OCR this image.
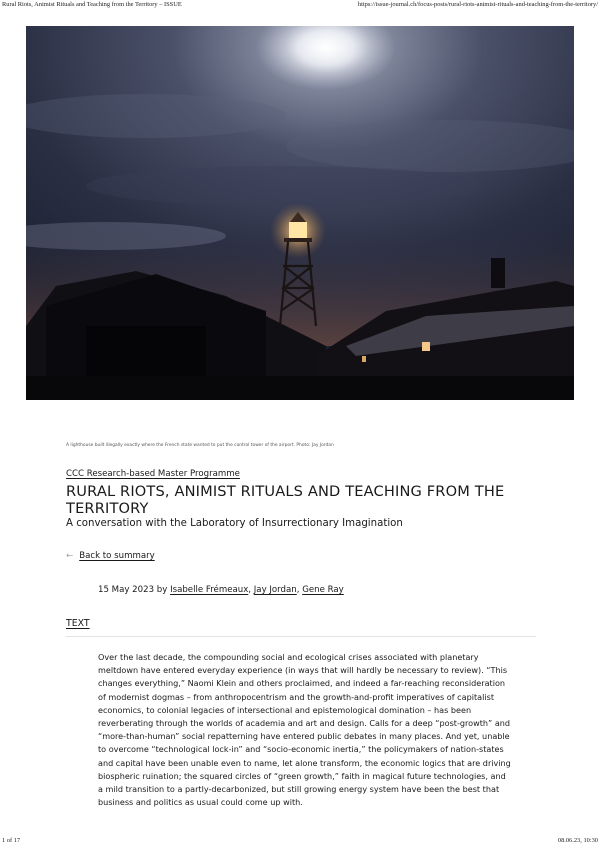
Rural Riots, Animist Rituals and Teaching from the Territory – ISSUE	https://issue-journal.ch/focus-posts/rural-riots-animist-rituals-and-teaching-from-the-territory/
A lighthouse built illegally exactly where the French state wanted to put the control tower of the airport. Photo: Jay Jordan
CCC Research-based Master Programme
RURAL RIOTS, ANIMIST RITUALS AND TEACHING FROM THE TERRITORY
A conversation with the Laboratory of Insurrectionary Imagination
← Back to summary
15 May 2023 by Isabelle Frémeaux, Jay Jordan, Gene Ray
TEXT
Over the last decade, the compounding social and ecological crises associated with planetary
meltdown have entered everyday experience (in ways that will hardly be necessary to review). “This
changes everything,” Naomi Klein and others proclaimed, and indeed a far-reaching reconsideration
of modernist dogmas – from anthropocentrism and the growth-and-profit imperatives of capitalist
economics, to colonial legacies of intersectional and epistemological domination – has been
reverberating through the worlds of academia and art and design. Calls for a deep “post-growth” and
“more-than-human” social repatterning have entered public debates in many places. And yet, unable
to overcome “technological lock-in” and “socio-economic inertia,” the policymakers of nation-states
and capital have been unable even to name, let alone transform, the economic logics that are driving
biospheric ruination; the squared circles of “green growth,” faith in magical future technologies, and
a mild transition to a partly-decarbonized, but still growing energy system have been the best that
business and politics as usual could come up with.
1 of 17	08.06.23, 10:30
